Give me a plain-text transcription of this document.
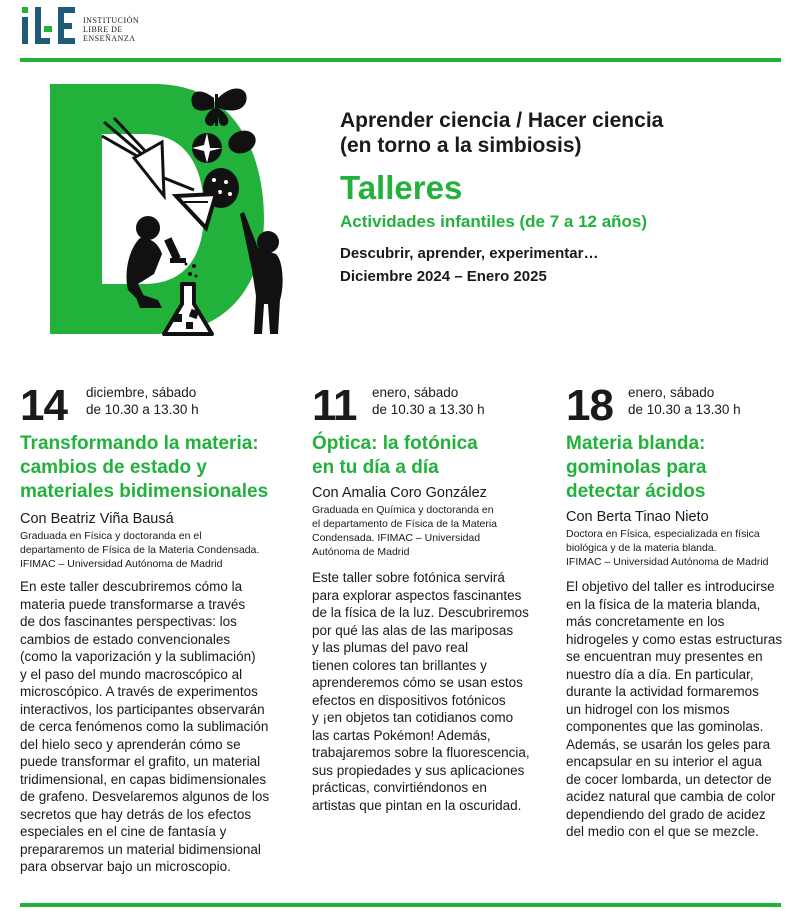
INSTITUCIÓN
LIBRE DE
ENSEÑANZA
Aprender ciencia / Hacer ciencia
(en torno a la simbiosis)
Talleres
Actividades infantiles (de 7 a 12 años)
Descubrir, aprender, experimentar…
Diciembre 2024 – Enero 2025
14 diciembre, sábado
de 10.30 a 13.30 h
Transformando la materia:
cambios de estado y
materiales bidimensionales
Con Beatriz Viña Bausá
Graduada en Física y doctoranda en el
departamento de Física de la Materia Condensada.
IFIMAC – Universidad Autónoma de Madrid
En este taller descubriremos cómo la
materia puede transformarse a través
de dos fascinantes perspectivas: los
cambios de estado convencionales
(como la vaporización y la sublimación)
y el paso del mundo macroscópico al
microscópico. A través de experimentos
interactivos, los participantes observarán
de cerca fenómenos como la sublimación
del hielo seco y aprenderán cómo se
puede transformar el grafito, un material
tridimensional, en capas bidimensionales
de grafeno. Desvelaremos algunos de los
secretos que hay detrás de los efectos
especiales en el cine de fantasía y
prepararemos un material bidimensional
para observar bajo un microscopio.
11 enero, sábado
de 10.30 a 13.30 h
Óptica: la fotónica
en tu día a día
Con Amalia Coro González
Graduada en Química y doctoranda en
el departamento de Física de la Materia
Condensada. IFIMAC – Universidad
Autónoma de Madrid
Este taller sobre fotónica servirá
para explorar aspectos fascinantes
de la física de la luz. Descubriremos
por qué las alas de las mariposas
y las plumas del pavo real
tienen colores tan brillantes y
aprenderemos cómo se usan estos
efectos en dispositivos fotónicos
y ¡en objetos tan cotidianos como
las cartas Pokémon! Además,
trabajaremos sobre la fluorescencia,
sus propiedades y sus aplicaciones
prácticas, convirtiéndonos en
artistas que pintan en la oscuridad.
18 enero, sábado
de 10.30 a 13.30 h
Materia blanda:
gominolas para
detectar ácidos
Con Berta Tinao Nieto
Doctora en Física, especializada en física
biológica y de la materia blanda.
IFIMAC – Universidad Autónoma de Madrid
El objetivo del taller es introducirse
en la física de la materia blanda,
más concretamente en los
hidrogeles y como estas estructuras
se encuentran muy presentes en
nuestro día a día. En particular,
durante la actividad formaremos
un hidrogel con los mismos
componentes que las gominolas.
Además, se usarán los geles para
encapsular en su interior el agua
de cocer lombarda, un detector de
acidez natural que cambia de color
dependiendo del grado de acidez
del medio con el que se mezcle.
